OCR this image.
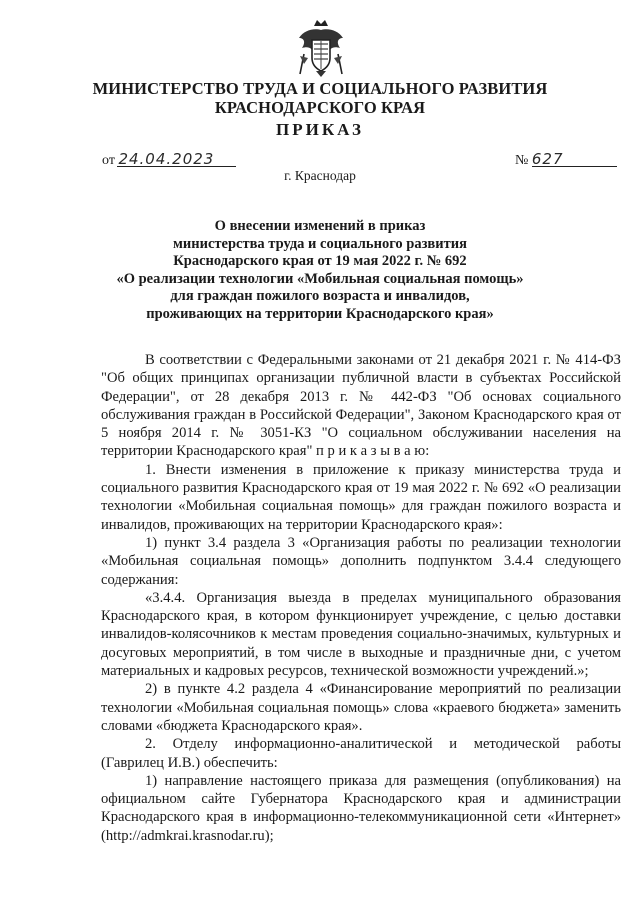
МИНИСТЕРСТВО ТРУДА И СОЦИАЛЬНОГО РАЗВИТИЯ
КРАСНОДАРСКОГО КРАЯ
ПРИКАЗ
от 24.04.2023	№ 627
г. Краснодар
О внесении изменений в приказ
министерства труда и социального развития
Краснодарского края от 19 мая 2022 г. № 692
«О реализации технологии «Мобильная социальная помощь»
для граждан пожилого возраста и инвалидов,
проживающих на территории Краснодарского края»

В соответствии с Федеральными законами от 21 декабря 2021 г. № 414-ФЗ "Об общих принципах организации публичной власти в субъектах Российской Федерации", от 28 декабря 2013 г. № 442-ФЗ "Об основах социального обслуживания граждан в Российской Федерации", Законом Краснодарского края от 5 ноября 2014 г. № 3051-КЗ "О социальном обслуживании населения на территории Краснодарского края" п р и к а з ы в а ю:

1. Внести изменения в приложение к приказу министерства труда и социального развития Краснодарского края от 19 мая 2022 г. № 692 «О реализации технологии «Мобильная социальная помощь» для граждан пожилого возраста и инвалидов, проживающих на территории Краснодарского края»:

1) пункт 3.4 раздела 3 «Организация работы по реализации технологии «Мобильная социальная помощь» дополнить подпунктом 3.4.4 следующего содержания:

«3.4.4. Организация выезда в пределах муниципального образования Краснодарского края, в котором функционирует учреждение, с целью доставки инвалидов-колясочников к местам проведения социально-значимых, культурных и досуговых мероприятий, в том числе в выходные и праздничные дни, с учетом материальных и кадровых ресурсов, технической возможности учреждений.»;

2) в пункте 4.2 раздела 4 «Финансирование мероприятий по реализации технологии «Мобильная социальная помощь» слова «краевого бюджета» заменить словами «бюджета Краснодарского края».

2. Отделу информационно-аналитической и методической работы (Гаврилец И.В.) обеспечить:

1) направление настоящего приказа для размещения (опубликования) на официальном сайте Губернатора Краснодарского края и администрации Краснодарского края в информационно-телекоммуникационной сети «Интернет» (http://admkrai.krasnodar.ru);
